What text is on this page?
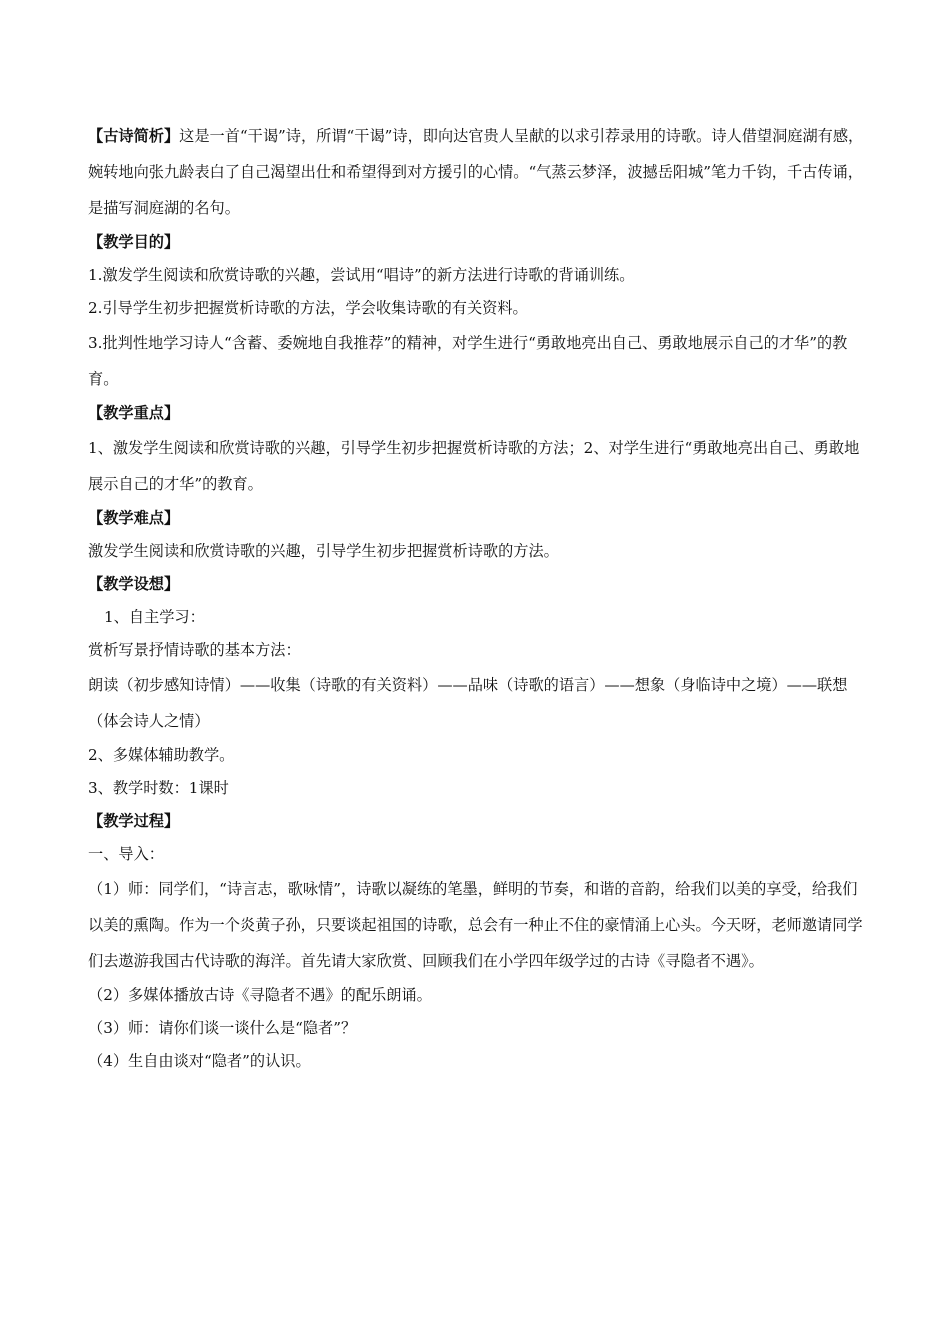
【古诗简析】这是一首“干谒”诗，所谓“干谒”诗，即向达官贵人呈献的以求引荐录用的诗歌。诗人借望洞庭湖有感，婉转地向张九龄表白了自己渴望出仕和希望得到对方援引的心情。“气蒸云梦泽，波撼岳阳城”笔力千钧，千古传诵，是描写洞庭湖的名句。

【教学目的】

1.激发学生阅读和欣赏诗歌的兴趣，尝试用“唱诗”的新方法进行诗歌的背诵训练。

2.引导学生初步把握赏析诗歌的方法，学会收集诗歌的有关资料。

3.批判性地学习诗人“含蓄、委婉地自我推荐”的精神，对学生进行“勇敢地亮出自己、勇敢地展示自己的才华”的教育。

【教学重点】

1、激发学生阅读和欣赏诗歌的兴趣，引导学生初步把握赏析诗歌的方法；2、对学生进行“勇敢地亮出自己、勇敢地展示自己的才华”的教育。

【教学难点】

激发学生阅读和欣赏诗歌的兴趣，引导学生初步把握赏析诗歌的方法。

【教学设想】

1、自主学习：

赏析写景抒情诗歌的基本方法：

朗读（初步感知诗情）——收集（诗歌的有关资料）——品味（诗歌的语言）——想象（身临诗中之境）——联想（体会诗人之情）

2、多媒体辅助教学。

3、教学时数：1课时

【教学过程】

一、导入：

（1）师：同学们，“诗言志，歌咏情”，诗歌以凝练的笔墨，鲜明的节奏，和谐的音韵，给我们以美的享受，给我们以美的熏陶。作为一个炎黄子孙，只要谈起祖国的诗歌，总会有一种止不住的豪情涌上心头。今天呀，老师邀请同学们去遨游我国古代诗歌的海洋。首先请大家欣赏、回顾我们在小学四年级学过的古诗《寻隐者不遇》。

（2）多媒体播放古诗《寻隐者不遇》的配乐朗诵。

（3）师：请你们谈一谈什么是“隐者”？

（4）生自由谈对“隐者”的认识。
